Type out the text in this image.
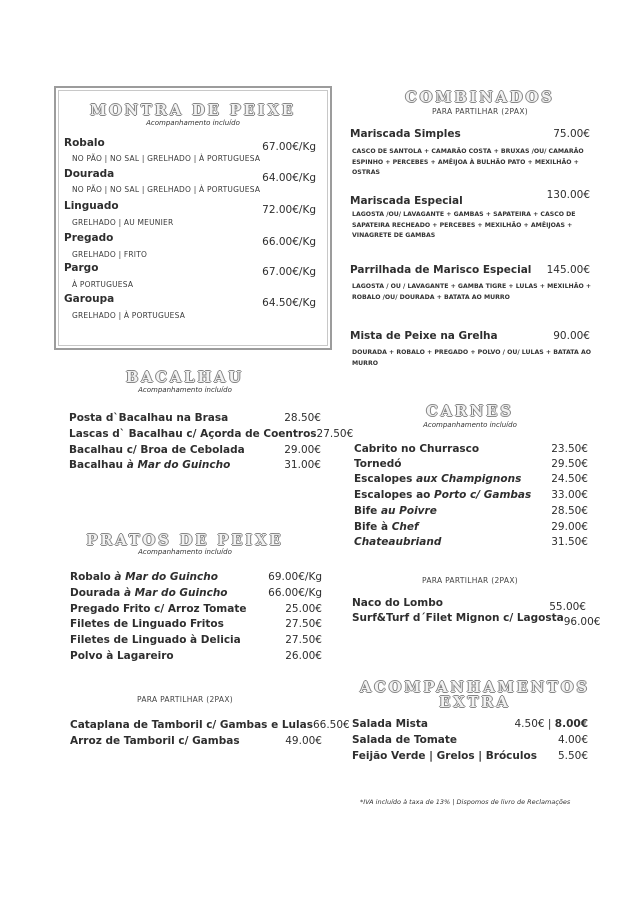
MONTRA DE PEIXE
Acompanhamento incluído
Robalo	67.00€/Kg
NO PÃO | NO SAL | GRELHADO | À PORTUGUESA
Dourada	64.00€/Kg
NO PÃO | NO SAL | GRELHADO | À PORTUGUESA
Linguado	72.00€/Kg
GRELHADO | AU MEUNIER
Pregado	66.00€/Kg
GRELHADO | FRITO
Pargo	67.00€/Kg
À PORTUGUESA
Garoupa	64.50€/Kg
GRELHADO | À PORTUGUESA
BACALHAU
Acompanhamento incluído
Posta d`Bacalhau na Brasa	28.50€
Lascas d` Bacalhau c/ Açorda de Coentros 27.50€
Bacalhau c/ Broa de Cebolada	29.00€
Bacalhau à Mar do Guincho	31.00€
PRATOS DE PEIXE
Acompanhamento incluído
Robalo à Mar do Guincho	69.00€/Kg
Dourada à Mar do Guincho	66.00€/Kg
Pregado Frito c/ Arroz Tomate	25.00€
Filetes de Linguado Fritos	27.50€
Filetes de Linguado à Delicia	27.50€
Polvo à Lagareiro	26.00€
PARA PARTILHAR (2PAX)
Cataplana de Tamboril c/ Gambas e Lulas 66.50€
Arroz de Tamboril c/ Gambas	49.00€
COMBINADOS
PARA PARTILHAR (2PAX)
Mariscada Simples	75.00€
CASCO DE SANTOLA + CAMARÃO COSTA + BRUXAS /OU/ CAMARÃO ESPINHO + PERCEBES + AMÊIJOA À BULHÃO PATO + MEXILHÃO + OSTRAS
Mariscada Especial	130.00€
LAGOSTA /OU/ LAVAGANTE + GAMBAS + SAPATEIRA + CASCO DE SAPATEIRA RECHEADO + PERCEBES + MEXILHÃO + AMÊIJOAS + VINAGRETE DE GAMBAS
Parrilhada de Marisco Especial 145.00€
LAGOSTA / OU / LAVAGANTE + GAMBA TIGRE + LULAS + MEXILHÃO + ROBALO /OU/ DOURADA + BATATA AO MURRO
Mista de Peixe na Grelha	90.00€
DOURADA + ROBALO + PREGADO + POLVO / OU/ LULAS + BATATA AO MURRO
CARNES
Acompanhamento incluído
Cabrito no Churrasco	23.50€
Tornedó	29.50€
Escalopes aux Champignons	24.50€
Escalopes ao Porto c/ Gambas 33.00€
Bife au Poivre	28.50€
Bife à Chef	29.00€
Chateaubriand	31.50€
PARA PARTILHAR (2PAX)
Naco do Lombo	55.00€
Surf&Turf d´Filet Mignon c/ Lagosta 96.00€
ACOMPANHAMENTOS
EXTRA
Salada Mista	4.50€ | 8.00€
Salada de Tomate	4.00€
Feijão Verde | Grelos | Bróculos 5.50€
*IVA incluído à taxa de 13% | Dispomos de livro de Reclamações
